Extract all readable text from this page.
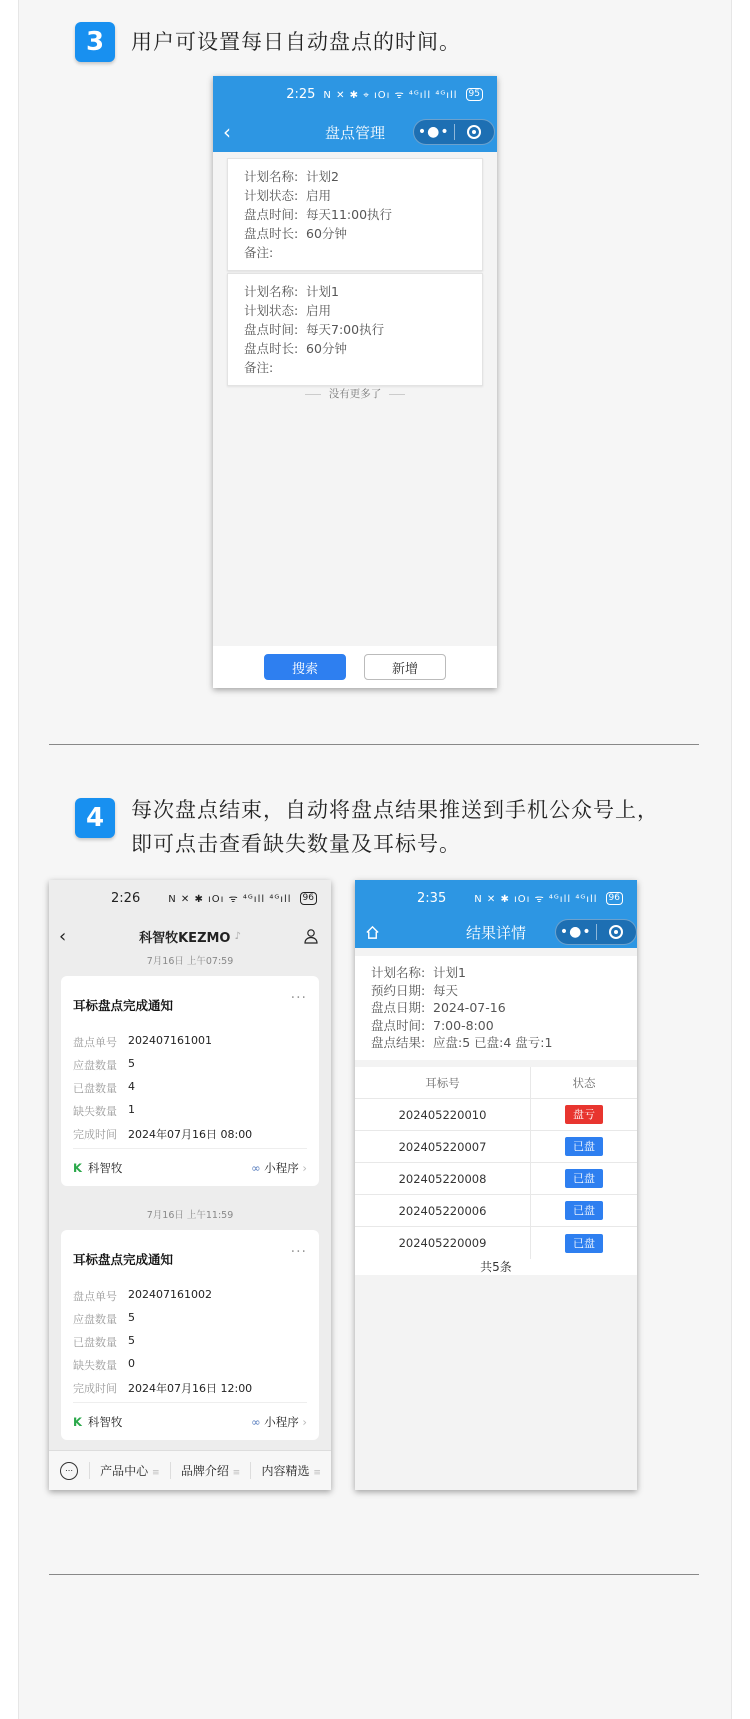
3	用户可设置每日自动盘点的时间。
2:25 N ✕ ✱ ⌖ ıOı ᯤ ⁴ᴳıll ⁴ᴳıll	95
‹	盘点管理 •●•
计划名称: 计划2
计划状态: 启用
盘点时间: 每天11:00执行
盘点时长: 60分钟
备注:
计划名称: 计划1
计划状态: 启用
盘点时间: 每天7:00执行
盘点时长: 60分钟
备注:
没有更多了
搜索	新增
4	每次盘点结束，自动将盘点结果推送到手机公众号上，
即可点击查看缺失数量及耳标号。
2:26	N ✕ ✱ ıOı ᯤ ⁴ᴳıll ⁴ᴳıll	96
‹	科智牧KEZMO ♪
7月16日 上午07:59
耳标盘点完成通知	···
盘点单号	202407161001
应盘数量	5
已盘数量	4
缺失数量	1
完成时间	2024年07月16日 08:00
K 科智牧	∞ 小程序 ›
7月16日 上午11:59
耳标盘点完成通知	···
盘点单号	202407161002
应盘数量	5
已盘数量	5
缺失数量	0
完成时间	2024年07月16日 12:00
K 科智牧	∞ 小程序 ›
⋯	产品中心 ≡	品牌介绍 ≡	内容精选 ≡
2:35	N ✕ ✱ ıOı ᯤ ⁴ᴳıll ⁴ᴳıll	96
结果详情 •●•
计划名称: 计划1
预约日期: 每天
盘点日期: 2024-07-16
盘点时间: 7:00-8:00
盘点结果: 应盘:5 已盘:4 盘亏:1
耳标号	状态
202405220010	盘亏
202405220007	已盘
202405220008	已盘
202405220006	已盘
202405220009	已盘
共5条
